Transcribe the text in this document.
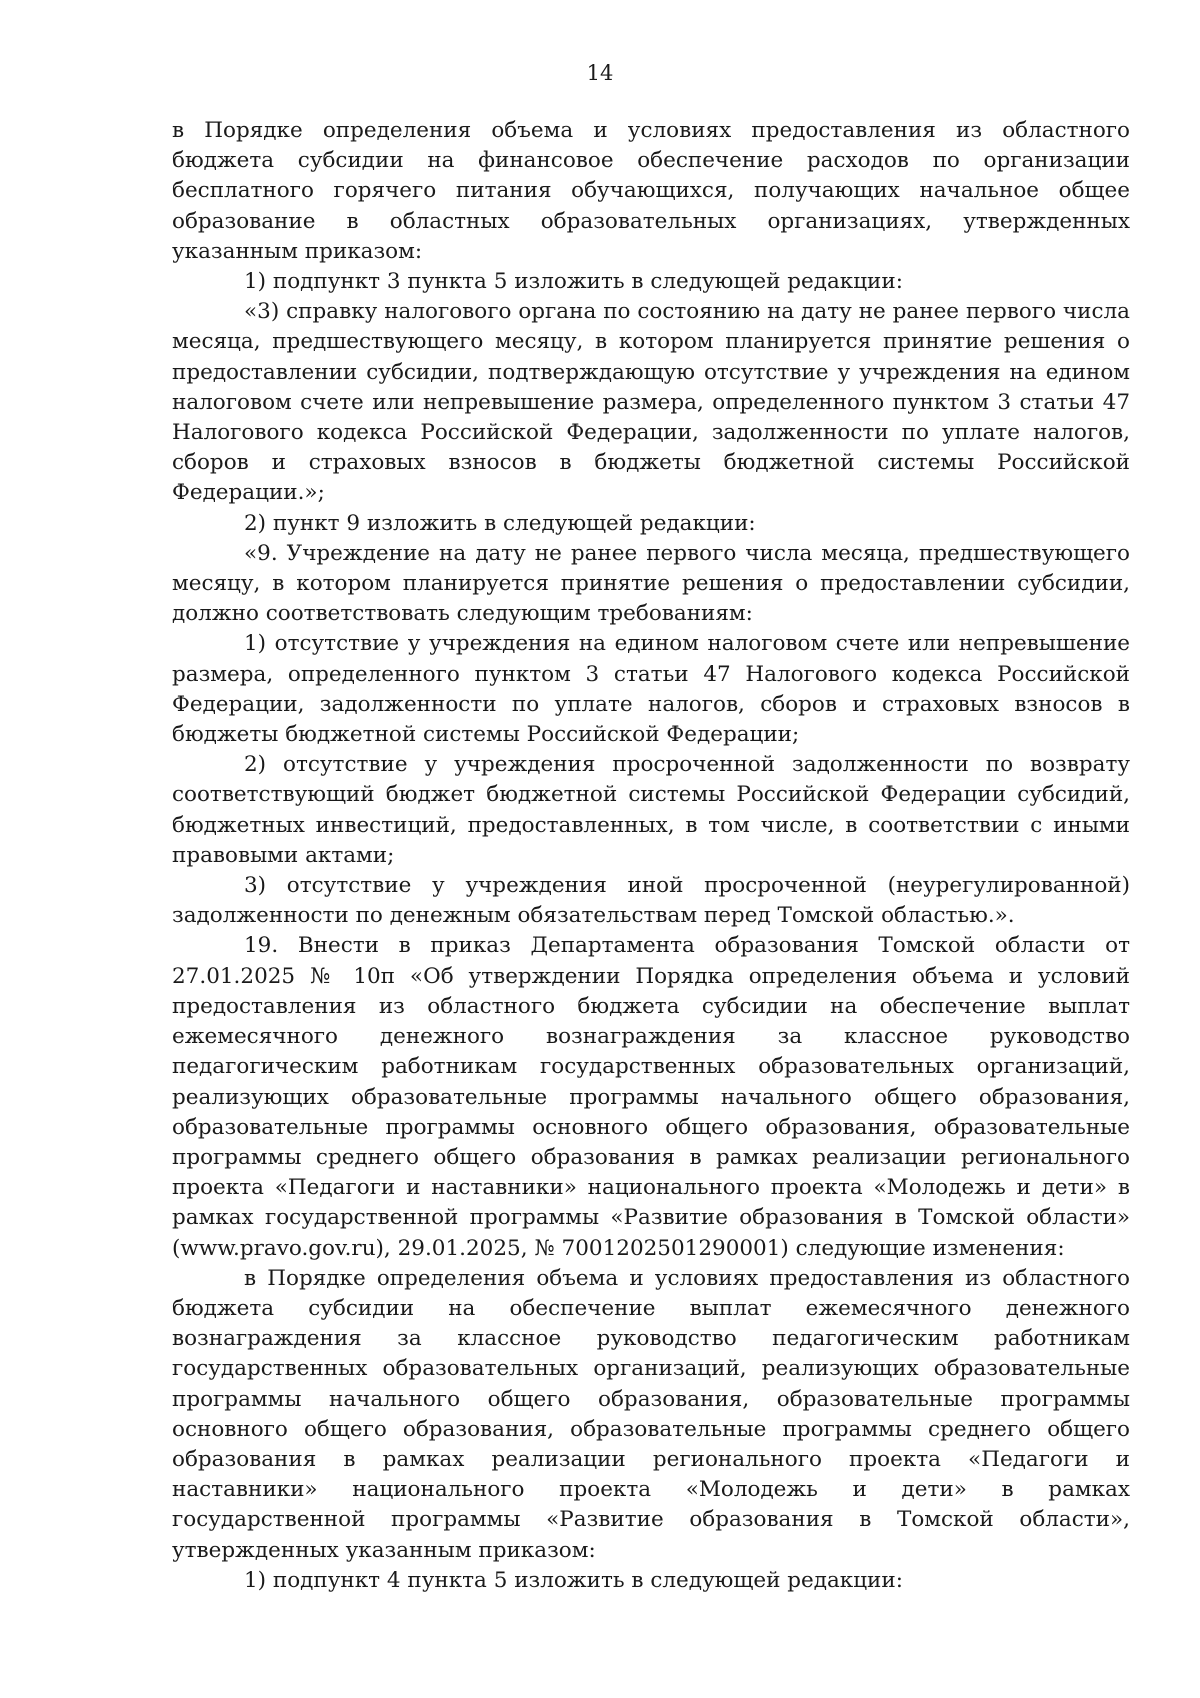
14

в Порядке определения объема и условиях предоставления из областного бюджета субсидии на финансовое обеспечение расходов по организации бесплатного горячего питания обучающихся, получающих начальное общее образование в областных образовательных организациях, утвержденных указанным приказом:

1) подпункт 3 пункта 5 изложить в следующей редакции:

«3) справку налогового органа по состоянию на дату не ранее первого числа месяца, предшествующего месяцу, в котором планируется принятие решения о предоставлении субсидии, подтверждающую отсутствие у учреждения на едином налоговом счете или непревышение размера, определенного пунктом 3 статьи 47 Налогового кодекса Российской Федерации, задолженности по уплате налогов, сборов и страховых взносов в бюджеты бюджетной системы Российской Федерации.»;

2) пункт 9 изложить в следующей редакции:

«9. Учреждение на дату не ранее первого числа месяца, предшествующего месяцу, в котором планируется принятие решения о предоставлении субсидии, должно соответствовать следующим требованиям:

1) отсутствие у учреждения на едином налоговом счете или непревышение размера, определенного пунктом 3 статьи 47 Налогового кодекса Российской Федерации, задолженности по уплате налогов, сборов и страховых взносов в бюджеты бюджетной системы Российской Федерации;

2) отсутствие у учреждения просроченной задолженности по возврату соответствующий бюджет бюджетной системы Российской Федерации субсидий, бюджетных инвестиций, предоставленных, в том числе, в соответствии с иными правовыми актами;

3) отсутствие у учреждения иной просроченной (неурегулированной) задолженности по денежным обязательствам перед Томской областью.».

19. Внести в приказ Департамента образования Томской области от 27.01.2025 № 10п «Об утверждении Порядка определения объема и условий предоставления из областного бюджета субсидии на обеспечение выплат ежемесячного денежного вознаграждения за классное руководство педагогическим работникам государственных образовательных организаций, реализующих образовательные программы начального общего образования, образовательные программы основного общего образования, образовательные программы среднего общего образования в рамках реализации регионального проекта «Педагоги и наставники» национального проекта «Молодежь и дети» в рамках государственной программы «Развитие образования в Томской области» (www.pravo.gov.ru), 29.01.2025, № 7001202501290001) следующие изменения:

в Порядке определения объема и условиях предоставления из областного бюджета субсидии на обеспечение выплат ежемесячного денежного вознаграждения за классное руководство педагогическим работникам государственных образовательных организаций, реализующих образовательные программы начального общего образования, образовательные программы основного общего образования, образовательные программы среднего общего образования в рамках реализации регионального проекта «Педагоги и наставники» национального проекта «Молодежь и дети» в рамках государственной программы «Развитие образования в Томской области», утвержденных указанным приказом:

1) подпункт 4 пункта 5 изложить в следующей редакции:
